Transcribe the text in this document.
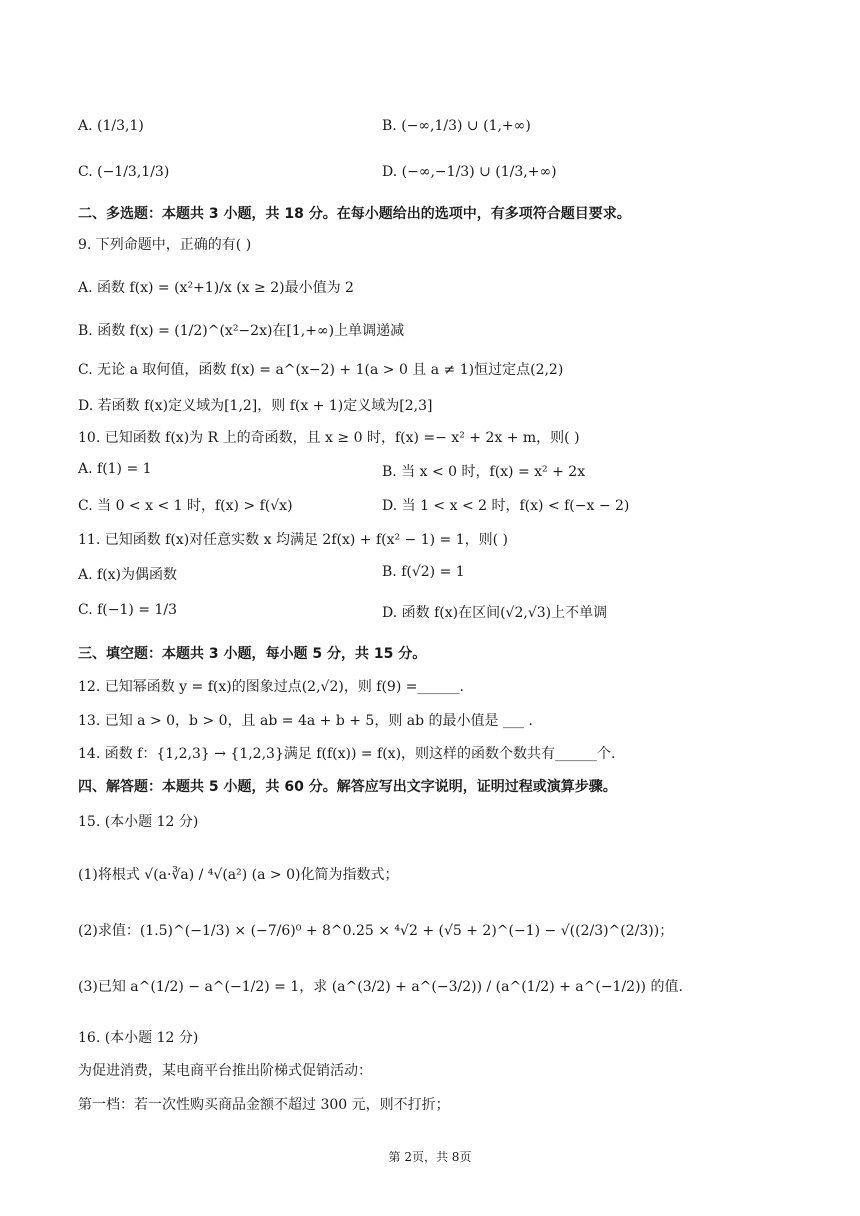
A. (1/3,1)	B. (−∞,1/3) ∪ (1,+∞)
C. (−1/3,1/3)	D. (−∞,−1/3) ∪ (1/3,+∞)
二、多选题：本题共 3 小题，共 18 分。在每小题给出的选项中，有多项符合题目要求。
9. 下列命题中，正确的有( )
A. 函数 f(x) = (x²+1)/x (x ≥ 2)最小值为 2
B. 函数 f(x) = (1/2)^(x²−2x)在[1,+∞)上单调递减
C. 无论 a 取何值，函数 f(x) = a^(x−2) + 1(a > 0 且 a ≠ 1)恒过定点(2,2)
D. 若函数 f(x)定义域为[1,2]，则 f(x + 1)定义域为[2,3]
10. 已知函数 f(x)为 R 上的奇函数，且 x ≥ 0 时，f(x) =− x² + 2x + m，则( )
A. f(1) = 1	B. 当 x < 0 时，f(x) = x² + 2x
C. 当 0 < x < 1 时，f(x) > f(√x)	D. 当 1 < x < 2 时，f(x) < f(−x − 2)
11. 已知函数 f(x)对任意实数 x 均满足 2f(x) + f(x² − 1) = 1，则( )
A. f(x)为偶函数	B. f(√2) = 1
C. f(−1) = 1/3	D. 函数 f(x)在区间(√2,√3)上不单调
三、填空题：本题共 3 小题，每小题 5 分，共 15 分。
12. 已知幂函数 y = f(x)的图象过点(2,√2)，则 f(9) =______.
13. 已知 a > 0，b > 0，且 ab = 4a + b + 5，则 ab 的最小值是 ___ .
14. 函数 f：{1,2,3} → {1,2,3}满足 f(f(x)) = f(x)，则这样的函数个数共有______个.
四、解答题：本题共 5 小题，共 60 分。解答应写出文字说明，证明过程或演算步骤。
15. (本小题 12 分)
(1)将根式 √(a·∛a) / ⁴√(a²) (a > 0)化简为指数式；
(2)求值：(1.5)^(−1/3) × (−7/6)⁰ + 8^0.25 × ⁴√2 + (√5 + 2)^(−1) − √((2/3)^(2/3))；
(3)已知 a^(1/2) − a^(−1/2) = 1，求 (a^(3/2) + a^(−3/2)) / (a^(1/2) + a^(−1/2)) 的值.
16. (本小题 12 分)
为促进消费，某电商平台推出阶梯式促销活动：
第一档：若一次性购买商品金额不超过 300 元，则不打折；
第 2页，共 8页
